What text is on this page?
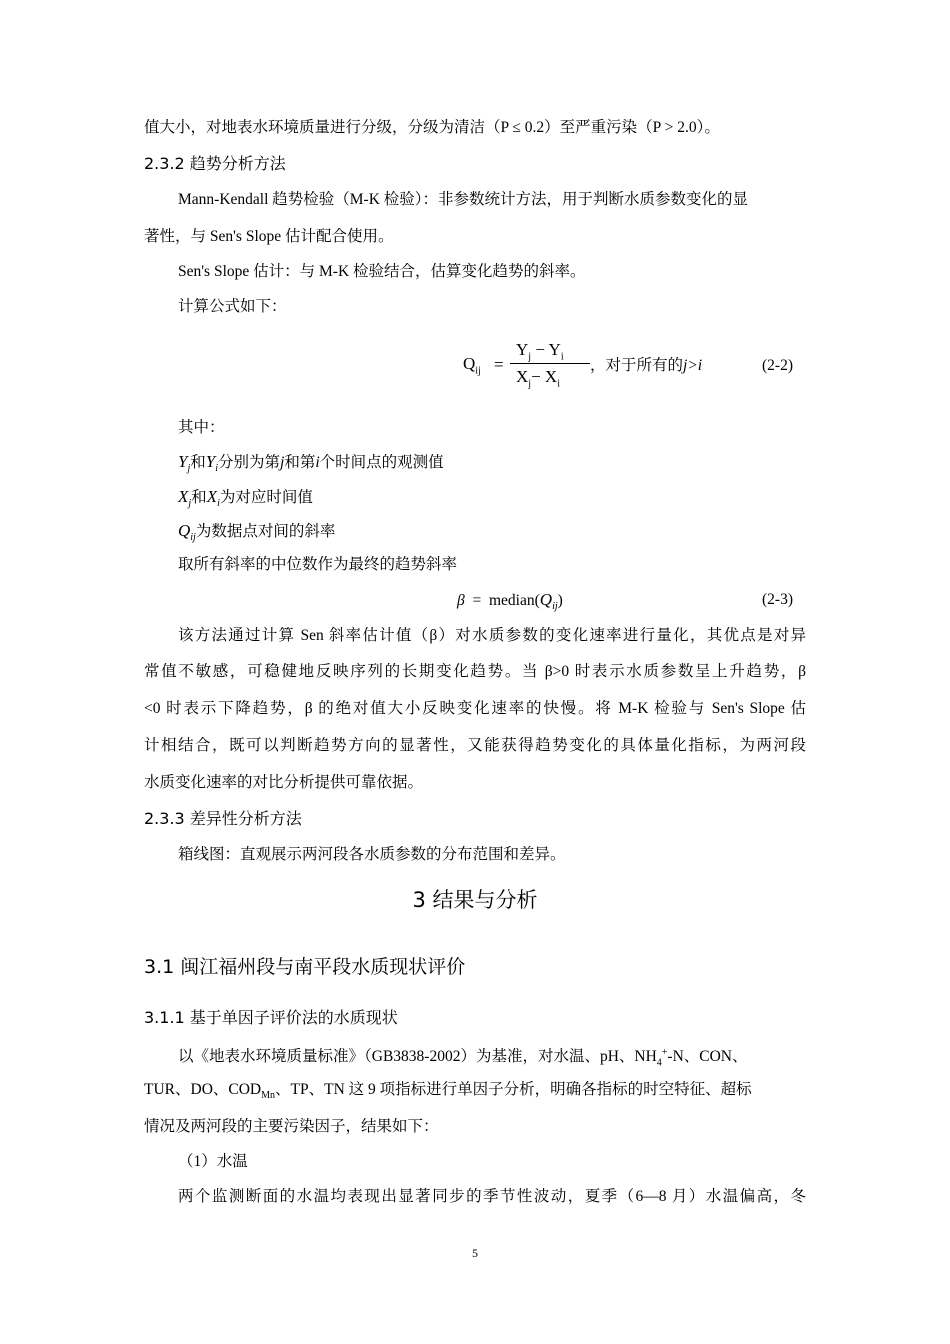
值大小，对地表水环境质量进行分级，分级为清洁（P ≤ 0.2）至严重污染（P > 2.0）。
2.3.2 趋势分析方法
Mann-Kendall 趋势检验（M-K 检验）：非参数统计方法，用于判断水质参数变化的显
著性，与 Sen's Slope 估计配合使用。
Sen's Slope 估计：与 M-K 检验结合，估算变化趋势的斜率。
计算公式如下：
$Q_{ij}$ =
$Y_j - Y_i$
$X_j- X_i$
，对于所有的j>i	(2-2)
其中：
$Y_j$和$Y_i$分别为第j和第i个时间点的观测值
$X_j$和$X_i$为对应时间值
$Q_{ij}$为数据点对间的斜率
取所有斜率的中位数作为最终的趋势斜率
$\beta = median(Q_{ij})$	(2-3)
该方法通过计算 Sen 斜率估计值（β）对水质参数的变化速率进行量化，其优点是对异
常值不敏感，可稳健地反映序列的长期变化趋势。当 β>0 时表示水质参数呈上升趋势，β
<0 时表示下降趋势，β 的绝对值大小反映变化速率的快慢。将 M-K 检验与 Sen's Slope 估
计相结合，既可以判断趋势方向的显著性，又能获得趋势变化的具体量化指标，为两河段
水质变化速率的对比分析提供可靠依据。
2.3.3 差异性分析方法
箱线图：直观展示两河段各水质参数的分布范围和差异。
3 结果与分析
3.1 闽江福州段与南平段水质现状评价
3.1.1 基于单因子评价法的水质现状
以《地表水环境质量标准》（GB3838-2002）为基准，对水温、pH、$NH_4^+-N$、CON、
TUR、DO、$COD_{Mn}$、TP、TN 这 9 项指标进行单因子分析，明确各指标的时空特征、超标
情况及两河段的主要污染因子，结果如下：
（1）水温
两个监测断面的水温均表现出显著同步的季节性波动，夏季（6—8 月）水温偏高，冬
5
